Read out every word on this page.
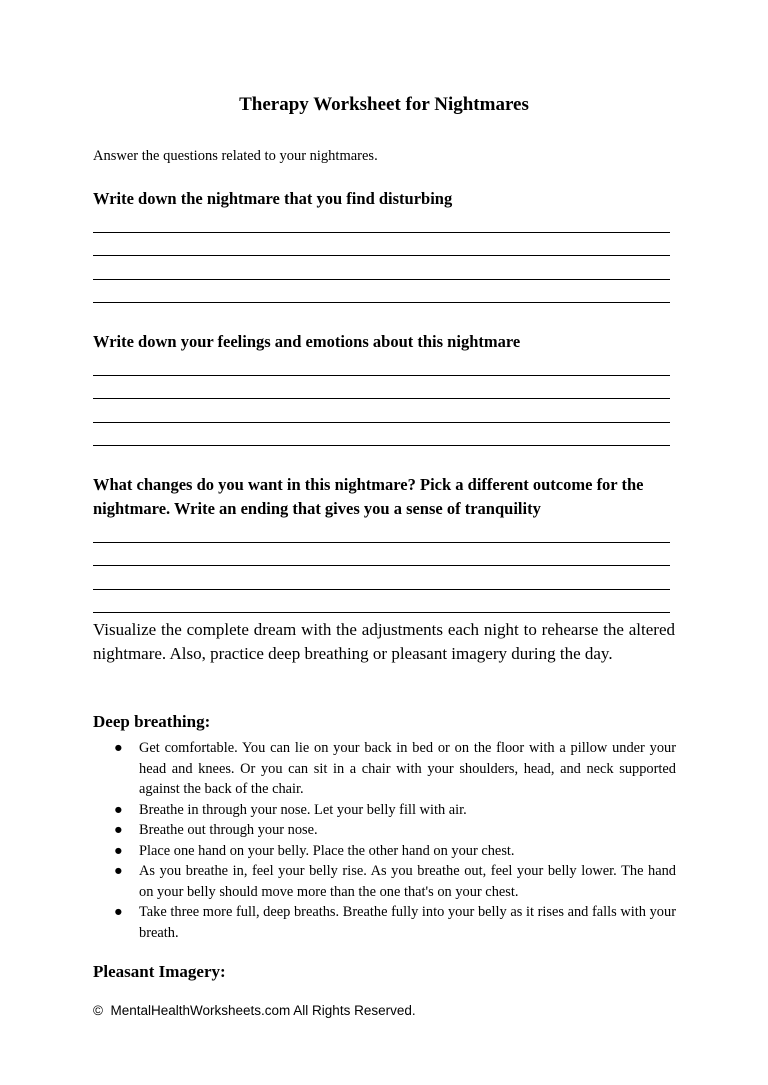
Therapy Worksheet for Nightmares
Answer the questions related to your nightmares.
Write down the nightmare that you find disturbing
Write down your feelings and emotions about this nightmare
What changes do you want in this nightmare? Pick a different outcome for the nightmare. Write an ending that gives you a sense of tranquility
Visualize the complete dream with the adjustments each night to rehearse the altered nightmare. Also, practice deep breathing or pleasant imagery during the day.
Deep breathing:
● Get comfortable. You can lie on your back in bed or on the floor with a pillow under your head and knees. Or you can sit in a chair with your shoulders, head, and neck supported against the back of the chair.
● Breathe in through your nose. Let your belly fill with air.
● Breathe out through your nose.
● Place one hand on your belly. Place the other hand on your chest.
● As you breathe in, feel your belly rise. As you breathe out, feel your belly lower. The hand on your belly should move more than the one that's on your chest.
● Take three more full, deep breaths. Breathe fully into your belly as it rises and falls with your breath.
Pleasant Imagery:
© MentalHealthWorksheets.com All Rights Reserved.
